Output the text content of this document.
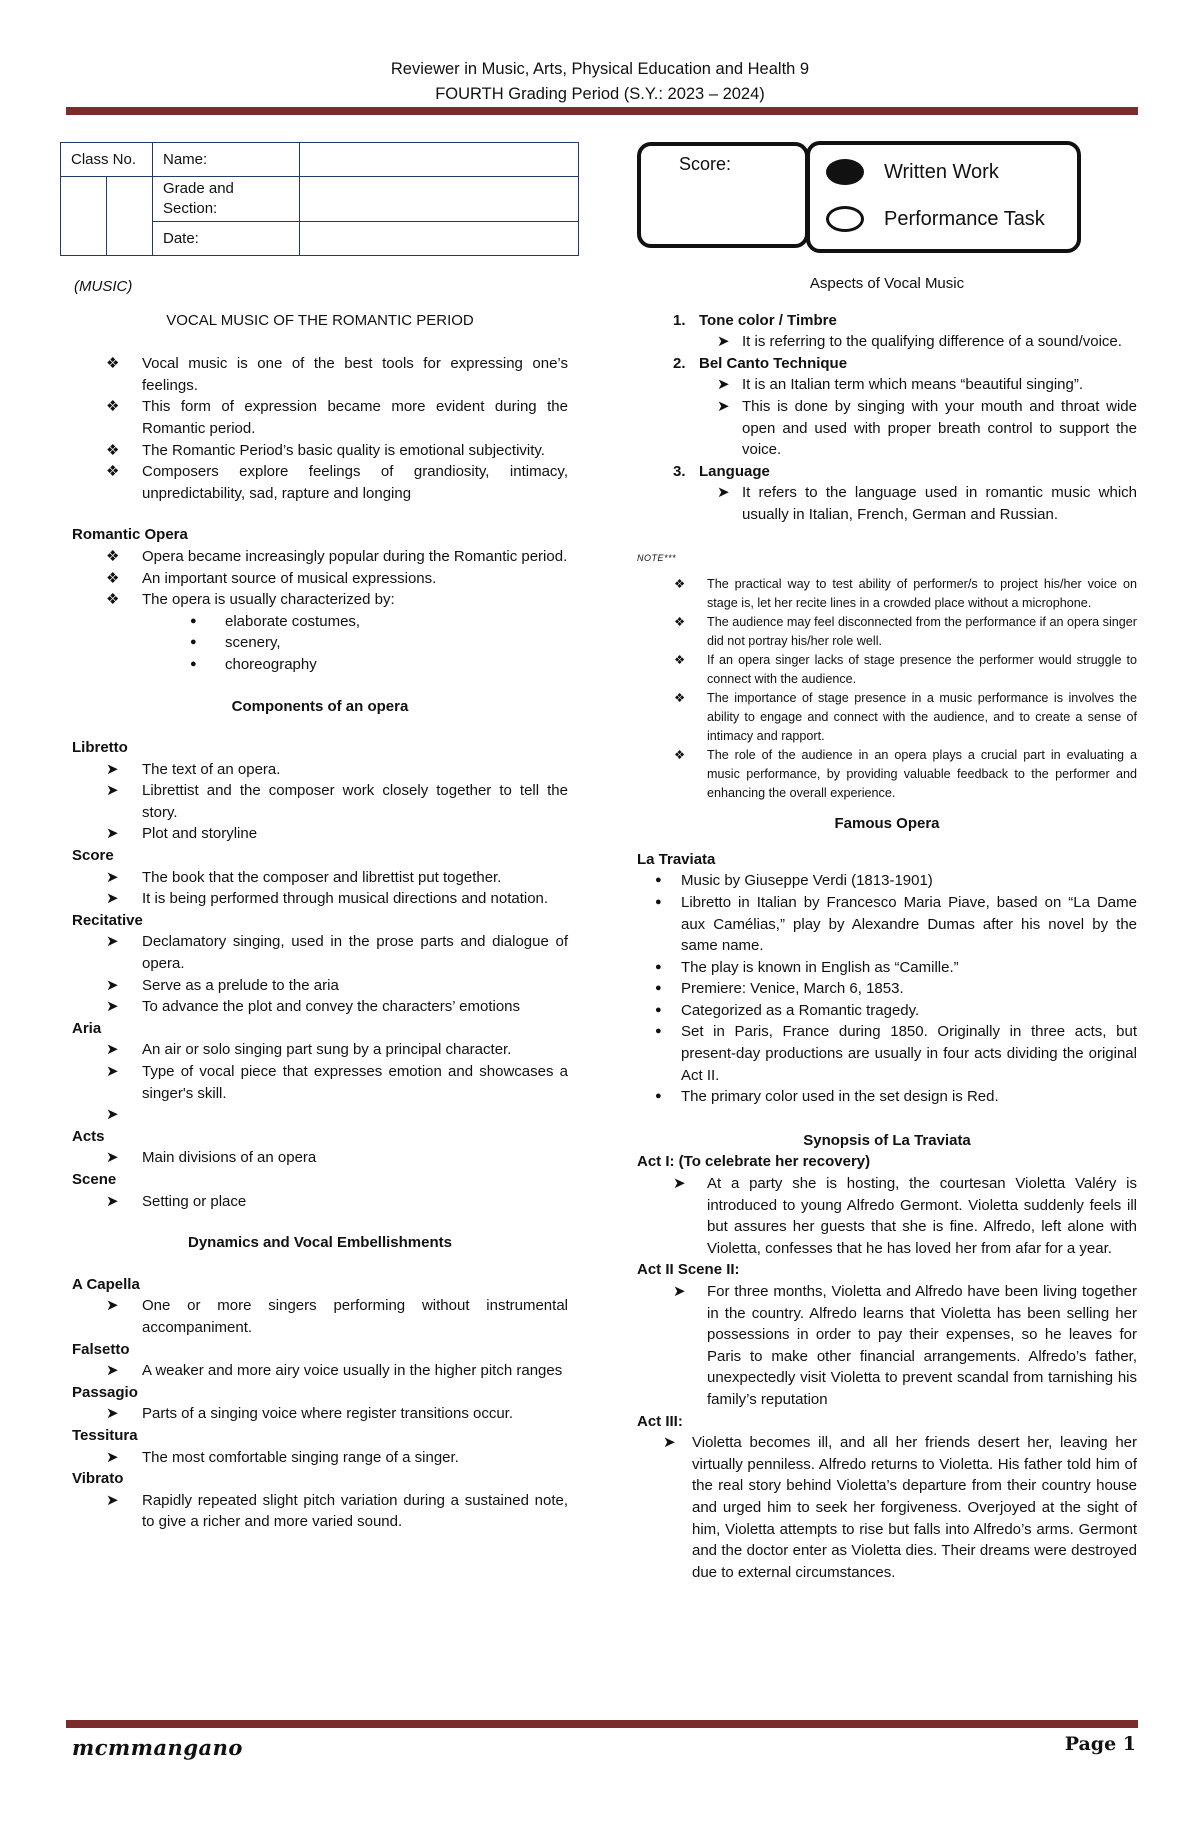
Reviewer in Music, Arts, Physical Education and Health 9
FOURTH Grading Period (S.Y.: 2023 – 2024)
Class No.		Name:	
		Grade and Section:	
		Date:	
Score:	Written Work
Performance Task
(MUSIC)
VOCAL MUSIC OF THE ROMANTIC PERIOD
❖ Vocal music is one of the best tools for expressing one’s feelings.
❖ This form of expression became more evident during the Romantic period.
❖ The Romantic Period’s basic quality is emotional subjectivity.
❖ Composers explore feelings of grandiosity, intimacy, unpredictability, sad, rapture and longing
Romantic Opera
❖ Opera became increasingly popular during the Romantic period.
❖ An important source of musical expressions.
❖ The opera is usually characterized by:
● elaborate costumes,
● scenery,
● choreography
Components of an opera
Libretto
➤ The text of an opera.
➤ Librettist and the composer work closely together to tell the story.
➤ Plot and storyline
Score
➤ The book that the composer and librettist put together.
➤ It is being performed through musical directions and notation.
Recitative
➤ Declamatory singing, used in the prose parts and dialogue of opera.
➤ Serve as a prelude to the aria
➤ To advance the plot and convey the characters’ emotions
Aria
➤ An air or solo singing part sung by a principal character.
➤ Type of vocal piece that expresses emotion and showcases a singer's skill.
➤
Acts
➤ Main divisions of an opera
Scene
➤ Setting or place
Dynamics and Vocal Embellishments
A Capella
➤ One or more singers performing without instrumental accompaniment.
Falsetto
➤ A weaker and more airy voice usually in the higher pitch ranges
Passagio
➤ Parts of a singing voice where register transitions occur.
Tessitura
➤ The most comfortable singing range of a singer.
Vibrato
➤ Rapidly repeated slight pitch variation during a sustained note, to give a richer and more varied sound.
Aspects of Vocal Music
1. Tone color / Timbre
➤ It is referring to the qualifying difference of a sound/voice.
2. Bel Canto Technique
➤ It is an Italian term which means “beautiful singing”.
➤ This is done by singing with your mouth and throat wide open and used with proper breath control to support the voice.
3. Language
➤ It refers to the language used in romantic music which usually in Italian, French, German and Russian.
NOTE***
❖ The practical way to test ability of performer/s to project his/her voice on stage is, let her recite lines in a crowded place without a microphone.
❖ The audience may feel disconnected from the performance if an opera singer did not portray his/her role well.
❖ If an opera singer lacks of stage presence the performer would struggle to connect with the audience.
❖ The importance of stage presence in a music performance is involves the ability to engage and connect with the audience, and to create a sense of intimacy and rapport.
❖ The role of the audience in an opera plays a crucial part in evaluating a music performance, by providing valuable feedback to the performer and enhancing the overall experience.
Famous Opera
La Traviata
● Music by Giuseppe Verdi (1813-1901)
● Libretto in Italian by Francesco Maria Piave, based on “La Dame aux Camélias,” play by Alexandre Dumas after his novel by the same name.
● The play is known in English as “Camille.”
● Premiere: Venice, March 6, 1853.
● Categorized as a Romantic tragedy.
● Set in Paris, France during 1850. Originally in three acts, but present-day productions are usually in four acts dividing the original Act II.
● The primary color used in the set design is Red.
Synopsis of La Traviata
Act I: (To celebrate her recovery)
➤ At a party she is hosting, the courtesan Violetta Valéry is introduced to young Alfredo Germont. Violetta suddenly feels ill but assures her guests that she is fine. Alfredo, left alone with Violetta, confesses that he has loved her from afar for a year.
Act II Scene II:
➤ For three months, Violetta and Alfredo have been living together in the country. Alfredo learns that Violetta has been selling her possessions in order to pay their expenses, so he leaves for Paris to make other financial arrangements. Alfredo’s father, unexpectedly visit Violetta to prevent scandal from tarnishing his family’s reputation
Act III:
➤ Violetta becomes ill, and all her friends desert her, leaving her virtually penniless. Alfredo returns to Violetta. His father told him of the real story behind Violetta’s departure from their country house and urged him to seek her forgiveness. Overjoyed at the sight of him, Violetta attempts to rise but falls into Alfredo’s arms. Germont and the doctor enter as Violetta dies. Their dreams were destroyed due to external circumstances.
mcmmangano	Page 1
